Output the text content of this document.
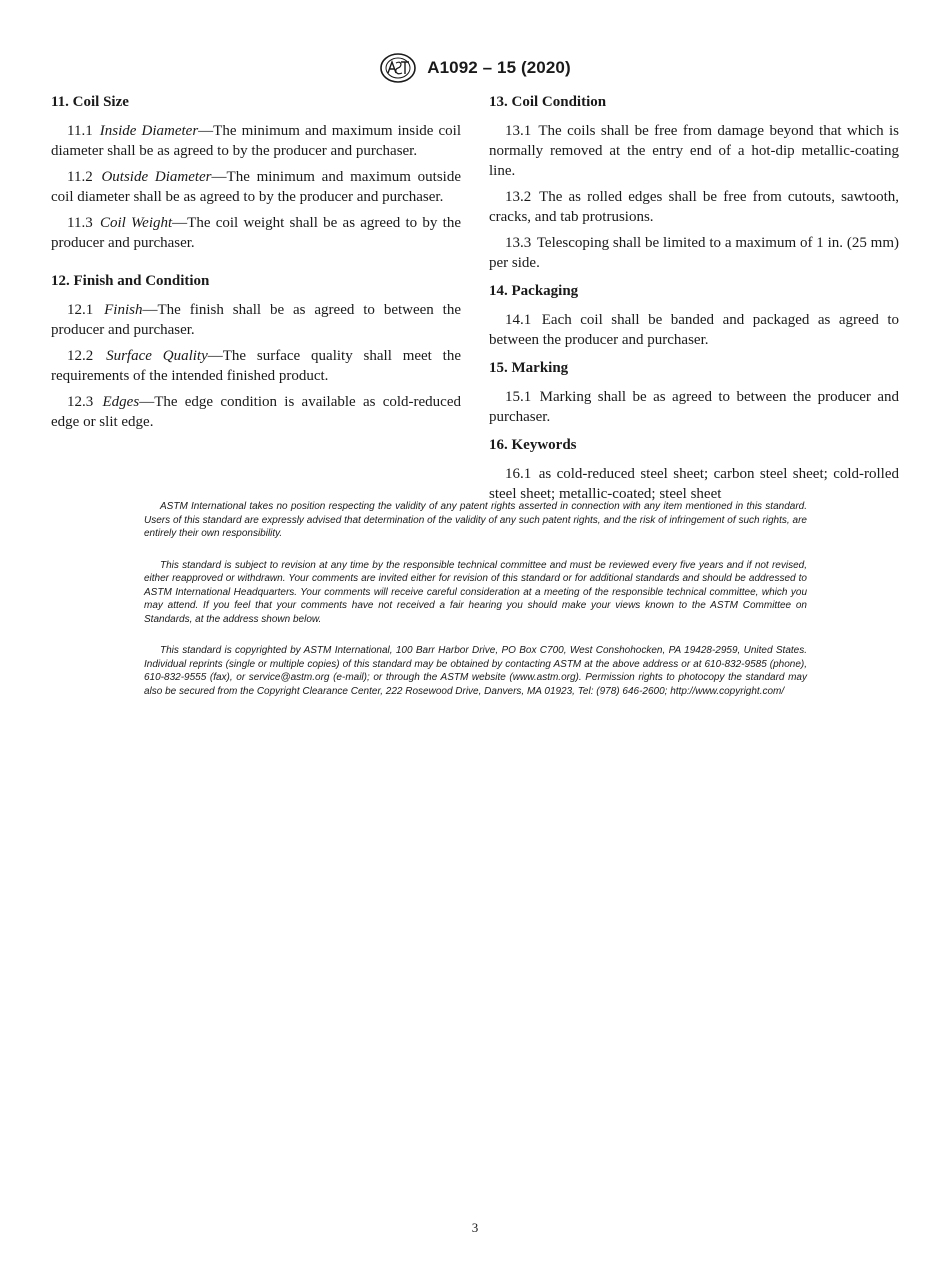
A1092 – 15 (2020)
11. Coil Size

11.1 Inside Diameter—The minimum and maximum inside coil diameter shall be as agreed to by the producer and purchaser.

11.2 Outside Diameter—The minimum and maximum outside coil diameter shall be as agreed to by the producer and purchaser.

11.3 Coil Weight—The coil weight shall be as agreed to by the producer and purchaser.

12. Finish and Condition

12.1 Finish—The finish shall be as agreed to between the producer and purchaser.

12.2 Surface Quality—The surface quality shall meet the requirements of the intended finished product.

12.3 Edges—The edge condition is available as cold-reduced edge or slit edge.

13. Coil Condition

13.1 The coils shall be free from damage beyond that which is normally removed at the entry end of a hot-dip metallic-coating line.

13.2 The as rolled edges shall be free from cutouts, sawtooth, cracks, and tab protrusions.

13.3 Telescoping shall be limited to a maximum of 1 in. (25 mm) per side.

14. Packaging

14.1 Each coil shall be banded and packaged as agreed to between the producer and purchaser.

15. Marking

15.1 Marking shall be as agreed to between the producer and purchaser.

16. Keywords

16.1 as cold-reduced steel sheet; carbon steel sheet; cold-rolled steel sheet; metallic-coated; steel sheet

ASTM International takes no position respecting the validity of any patent rights asserted in connection with any item mentioned in this standard. Users of this standard are expressly advised that determination of the validity of any such patent rights, and the risk of infringement of such rights, are entirely their own responsibility.

This standard is subject to revision at any time by the responsible technical committee and must be reviewed every five years and if not revised, either reapproved or withdrawn. Your comments are invited either for revision of this standard or for additional standards and should be addressed to ASTM International Headquarters. Your comments will receive careful consideration at a meeting of the responsible technical committee, which you may attend. If you feel that your comments have not received a fair hearing you should make your views known to the ASTM Committee on Standards, at the address shown below.

This standard is copyrighted by ASTM International, 100 Barr Harbor Drive, PO Box C700, West Conshohocken, PA 19428-2959, United States. Individual reprints (single or multiple copies) of this standard may be obtained by contacting ASTM at the above address or at 610-832-9585 (phone), 610-832-9555 (fax), or service@astm.org (e-mail); or through the ASTM website (www.astm.org). Permission rights to photocopy the standard may also be secured from the Copyright Clearance Center, 222 Rosewood Drive, Danvers, MA 01923, Tel: (978) 646-2600; http://www.copyright.com/

3
